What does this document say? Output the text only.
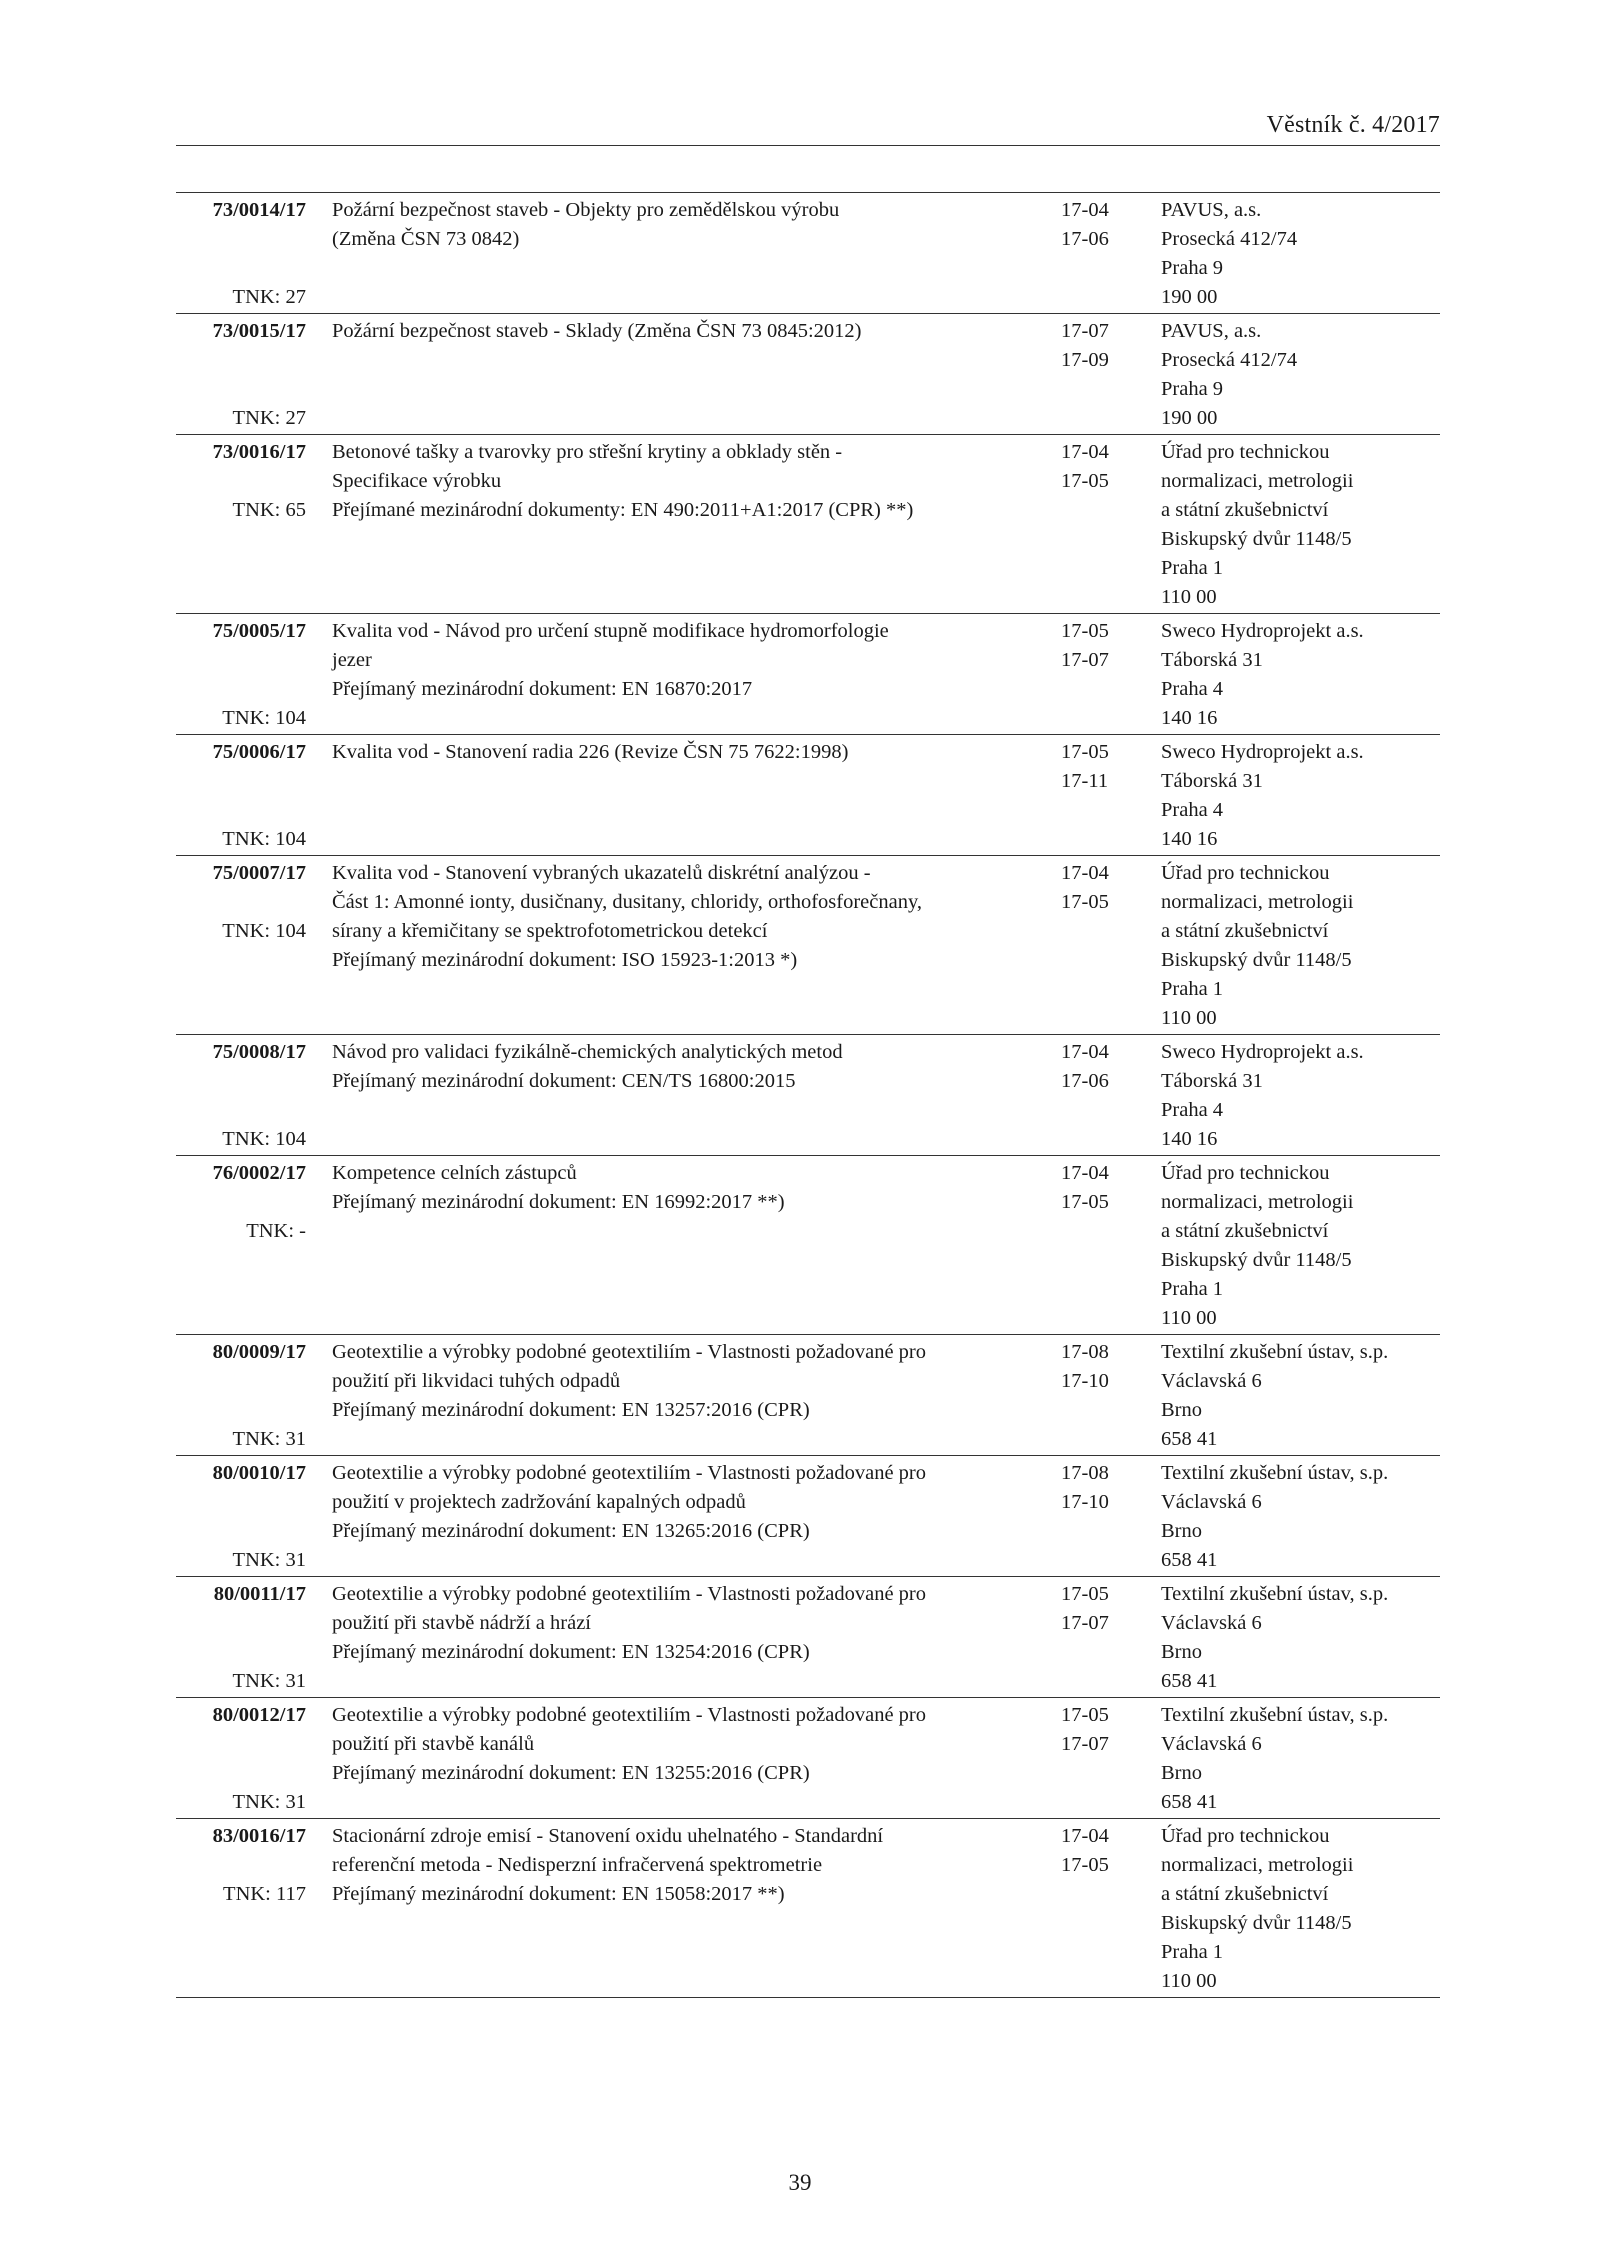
Věstník č. 4/2017
73/0014/17
TNK: 27
Požární bezpečnost staveb - Objekty pro zemědělskou výrobu
(Změna ČSN 73 0842)
17-04
17-06
PAVUS, a.s.
Prosecká 412/74
Praha 9
190 00
73/0015/17
TNK: 27
Požární bezpečnost staveb - Sklady (Změna ČSN 73 0845:2012)	17-07
17-09
PAVUS, a.s.
Prosecká 412/74
Praha 9
190 00
73/0016/17
TNK: 65
Betonové tašky a tvarovky pro střešní krytiny a obklady stěn -
Specifikace výrobku
Přejímané mezinárodní dokumenty: EN 490:2011+A1:2017 (CPR) **)
17-04
17-05
Úřad pro technickou
normalizaci, metrologii
a státní zkušebnictví
Biskupský dvůr 1148/5
Praha 1
110 00
75/0005/17
TNK: 104
Kvalita vod - Návod pro určení stupně modifikace hydromorfologie
jezer
Přejímaný mezinárodní dokument: EN 16870:2017
17-05
17-07
Sweco Hydroprojekt a.s.
Táborská 31
Praha 4
140 16
75/0006/17
TNK: 104
Kvalita vod - Stanovení radia 226 (Revize ČSN 75 7622:1998)	17-05
17-11
Sweco Hydroprojekt a.s.
Táborská 31
Praha 4
140 16
75/0007/17
TNK: 104
Kvalita vod - Stanovení vybraných ukazatelů diskrétní analýzou -
Část 1: Amonné ionty, dusičnany, dusitany, chloridy, orthofosforečnany,
sírany a křemičitany se spektrofotometrickou detekcí
Přejímaný mezinárodní dokument: ISO 15923-1:2013 *)
17-04
17-05
Úřad pro technickou
normalizaci, metrologii
a státní zkušebnictví
Biskupský dvůr 1148/5
Praha 1
110 00
75/0008/17
TNK: 104
Návod pro validaci fyzikálně-chemických analytických metod
Přejímaný mezinárodní dokument: CEN/TS 16800:2015
17-04
17-06
Sweco Hydroprojekt a.s.
Táborská 31
Praha 4
140 16
76/0002/17
TNK: -
Kompetence celních zástupců
Přejímaný mezinárodní dokument: EN 16992:2017 **)
17-04
17-05
Úřad pro technickou
normalizaci, metrologii
a státní zkušebnictví
Biskupský dvůr 1148/5
Praha 1
110 00
80/0009/17
TNK: 31
Geotextilie a výrobky podobné geotextiliím - Vlastnosti požadované pro
použití při likvidaci tuhých odpadů
Přejímaný mezinárodní dokument: EN 13257:2016 (CPR)
17-08
17-10
Textilní zkušební ústav, s.p.
Václavská 6
Brno
658 41
80/0010/17
TNK: 31
Geotextilie a výrobky podobné geotextiliím - Vlastnosti požadované pro
použití v projektech zadržování kapalných odpadů
Přejímaný mezinárodní dokument: EN 13265:2016 (CPR)
17-08
17-10
Textilní zkušební ústav, s.p.
Václavská 6
Brno
658 41
80/0011/17
TNK: 31
Geotextilie a výrobky podobné geotextiliím - Vlastnosti požadované pro
použití při stavbě nádrží a hrází
Přejímaný mezinárodní dokument: EN 13254:2016 (CPR)
17-05
17-07
Textilní zkušební ústav, s.p.
Václavská 6
Brno
658 41
80/0012/17
TNK: 31
Geotextilie a výrobky podobné geotextiliím - Vlastnosti požadované pro
použití při stavbě kanálů
Přejímaný mezinárodní dokument: EN 13255:2016 (CPR)
17-05
17-07
Textilní zkušební ústav, s.p.
Václavská 6
Brno
658 41
83/0016/17
TNK: 117
Stacionární zdroje emisí - Stanovení oxidu uhelnatého - Standardní
referenční metoda - Nedisperzní infračervená spektrometrie
Přejímaný mezinárodní dokument: EN 15058:2017 **)
17-04
17-05
Úřad pro technickou
normalizaci, metrologii
a státní zkušebnictví
Biskupský dvůr 1148/5
Praha 1
110 00
39
